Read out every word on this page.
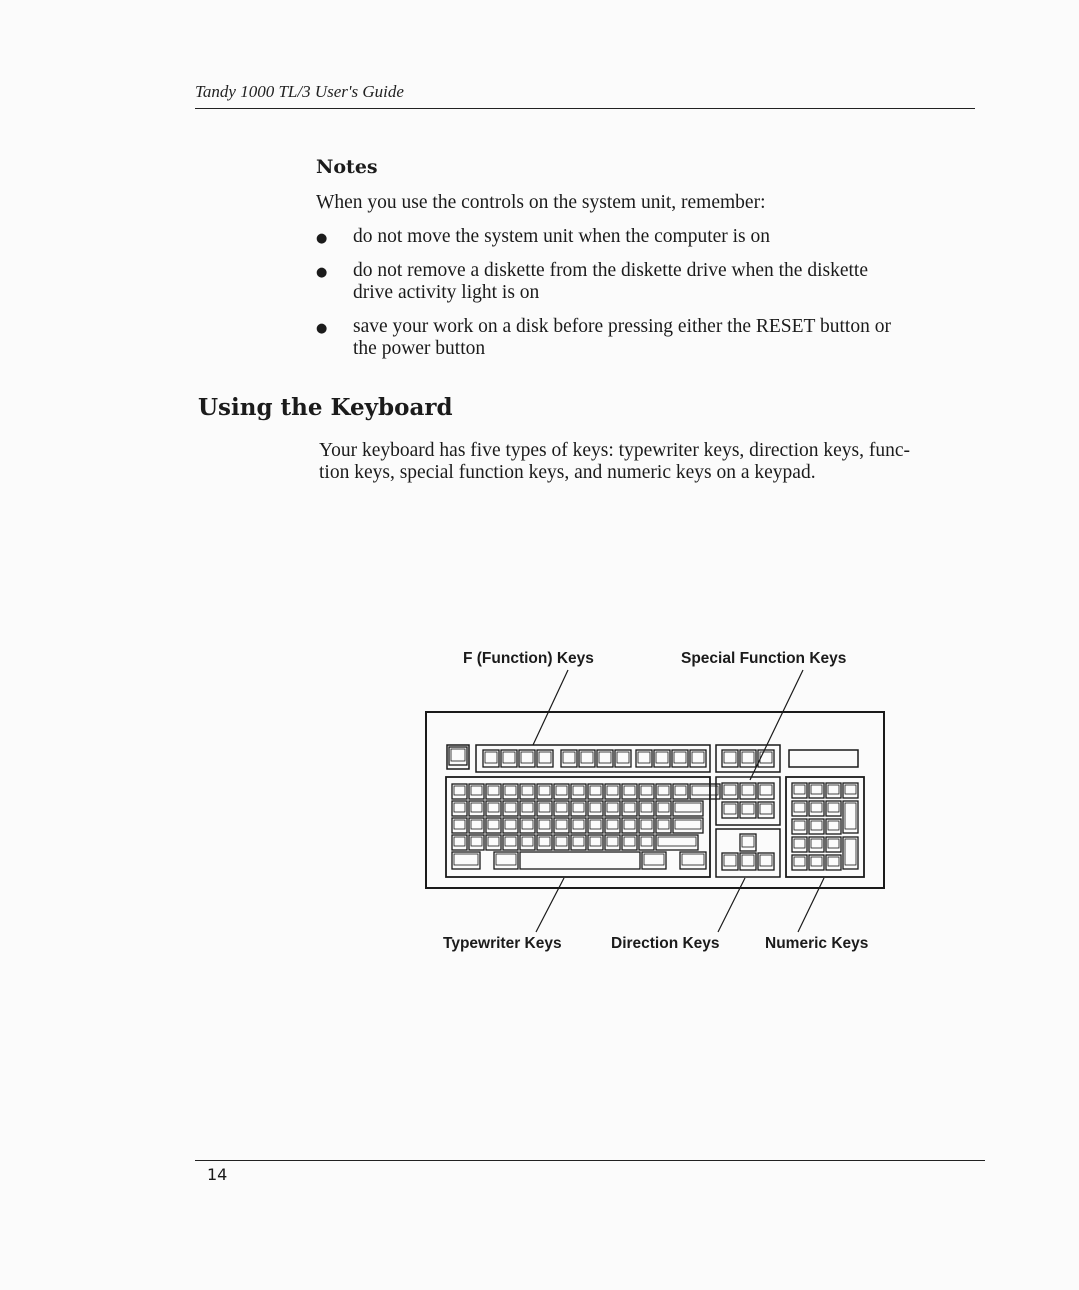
Tandy 1000 TL/3 User's Guide
Notes
When you use the controls on the system unit, remember:
● do not move the system unit when the computer is on
● do not remove a diskette from the diskette drive when the diskette
drive activity light is on
● save your work on a disk before pressing either the RESET button or
the power button
Using the Keyboard
Your keyboard has five types of keys: typewriter keys, direction keys, func-
tion keys, special function keys, and numeric keys on a keypad.
F (Function) Keys	Special Function Keys
Typewriter Keys	Direction Keys	Numeric Keys
14
